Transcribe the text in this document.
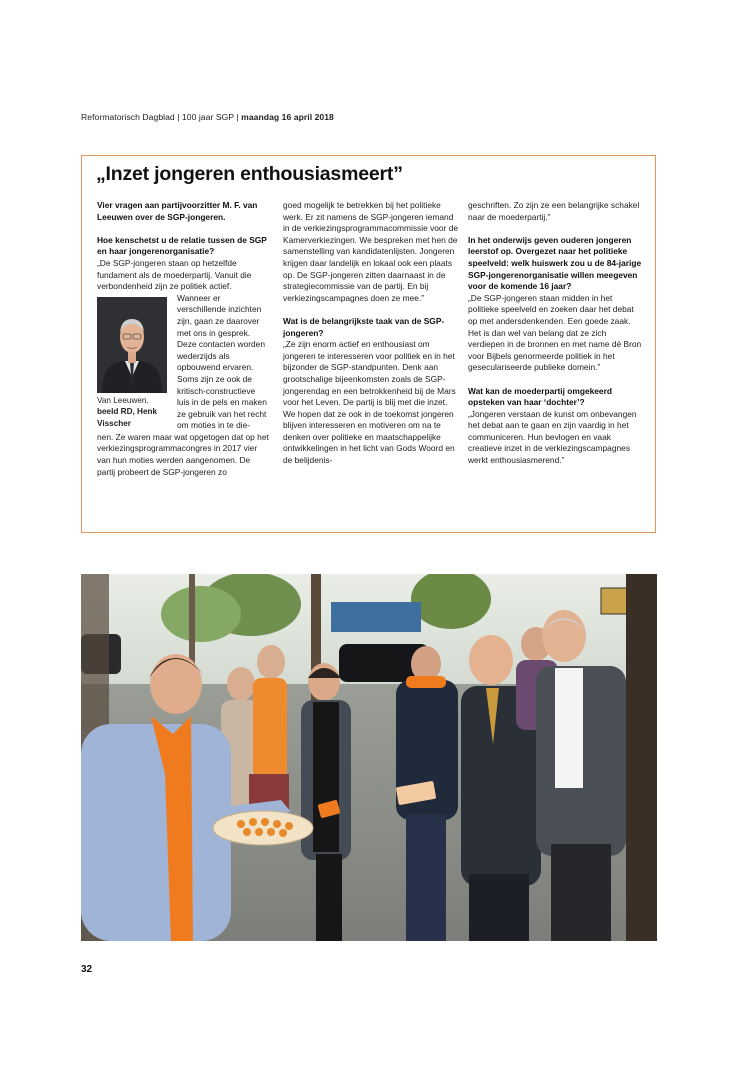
Reformatorisch Dagblad | 100 jaar SGP | maandag 16 april 2018
„Inzet jongeren enthousiasmeert”

Vier vragen aan partijvoorzitter M. F. van Leeuwen over de SGP-jongeren.

Hoe kenschetst u de relatie tussen de SGP en haar jongerenorganisatie?

„De SGP-jongeren staan op hetzelfde fundament als de moederpartij. Vanuit die verbondenheid zijn ze politiek actief.

Van Leeuwen.
beeld RD, Henk Visscher

Wanneer er verschillende inzichten zijn, gaan ze daarover met ons in gesprek. Deze contacten worden wederzijds als opbouwend ervaren. Soms zijn ze ook de kritisch-constructieve luis in de pels en maken ze gebruik van het recht om moties in te die-

nen. Ze waren maar wat opgetogen dat op het verkiezingsprogrammacongres in 2017 vier van hun moties werden aangenomen. De partij probeert de SGP-jongeren zo

goed mogelijk te betrekken bij het politieke werk. Er zit namens de SGP-jongeren iemand in de verkiezingsprogrammacommissie voor de Kamerverkiezingen. We bespreken met hen de samenstelling van kandidatenlijsten. Jongeren krijgen daar landelijk en lokaal ook een plaats op. De SGP-jongeren zitten daarnaast in de strategiecommissie van de partij. En bij verkiezingscampagnes doen ze mee.”

Wat is de belangrijkste taak van de SGP-jongeren?

„Ze zijn enorm actief en enthousiast om jongeren te interesseren voor politiek en in het bijzonder de SGP-standpunten. Denk aan grootschalige bijeenkomsten zoals de SGP-jongerendag en een betrokkenheid bij de Mars voor het Leven. De partij is blij met die inzet. We hopen dat ze ook in de toekomst jongeren blijven interesseren en motiveren om na te denken over politieke en maatschappelijke ontwikkelingen in het licht van Gods Woord en de belijdenis-

geschriften. Zo zijn ze een belangrijke schakel naar de moederpartij.”

In het onderwijs geven ouderen jongeren leerstof op. Overgezet naar het politieke speelveld: welk huiswerk zou u de 84-jarige SGP-jongerenorganisatie willen meegeven voor de komende 16 jaar?

„De SGP-jongeren staan midden in het politieke speelveld en zoeken daar het debat op met andersdenkenden. Een goede zaak. Het is dan wel van belang dat ze zich verdiepen in de bronnen en met name dé Bron voor Bijbels genormeerde politiek in het geseculariseerde publieke domein.”

Wat kan de moederpartij omgekeerd opsteken van haar ‘dochter’?

„Jongeren verstaan de kunst om onbevangen het debat aan te gaan en zijn vaardig in het communiceren. Hun bevlogen en vaak creatieve inzet in de verkiezingscampagnes werkt enthousiasmerend.”

32
